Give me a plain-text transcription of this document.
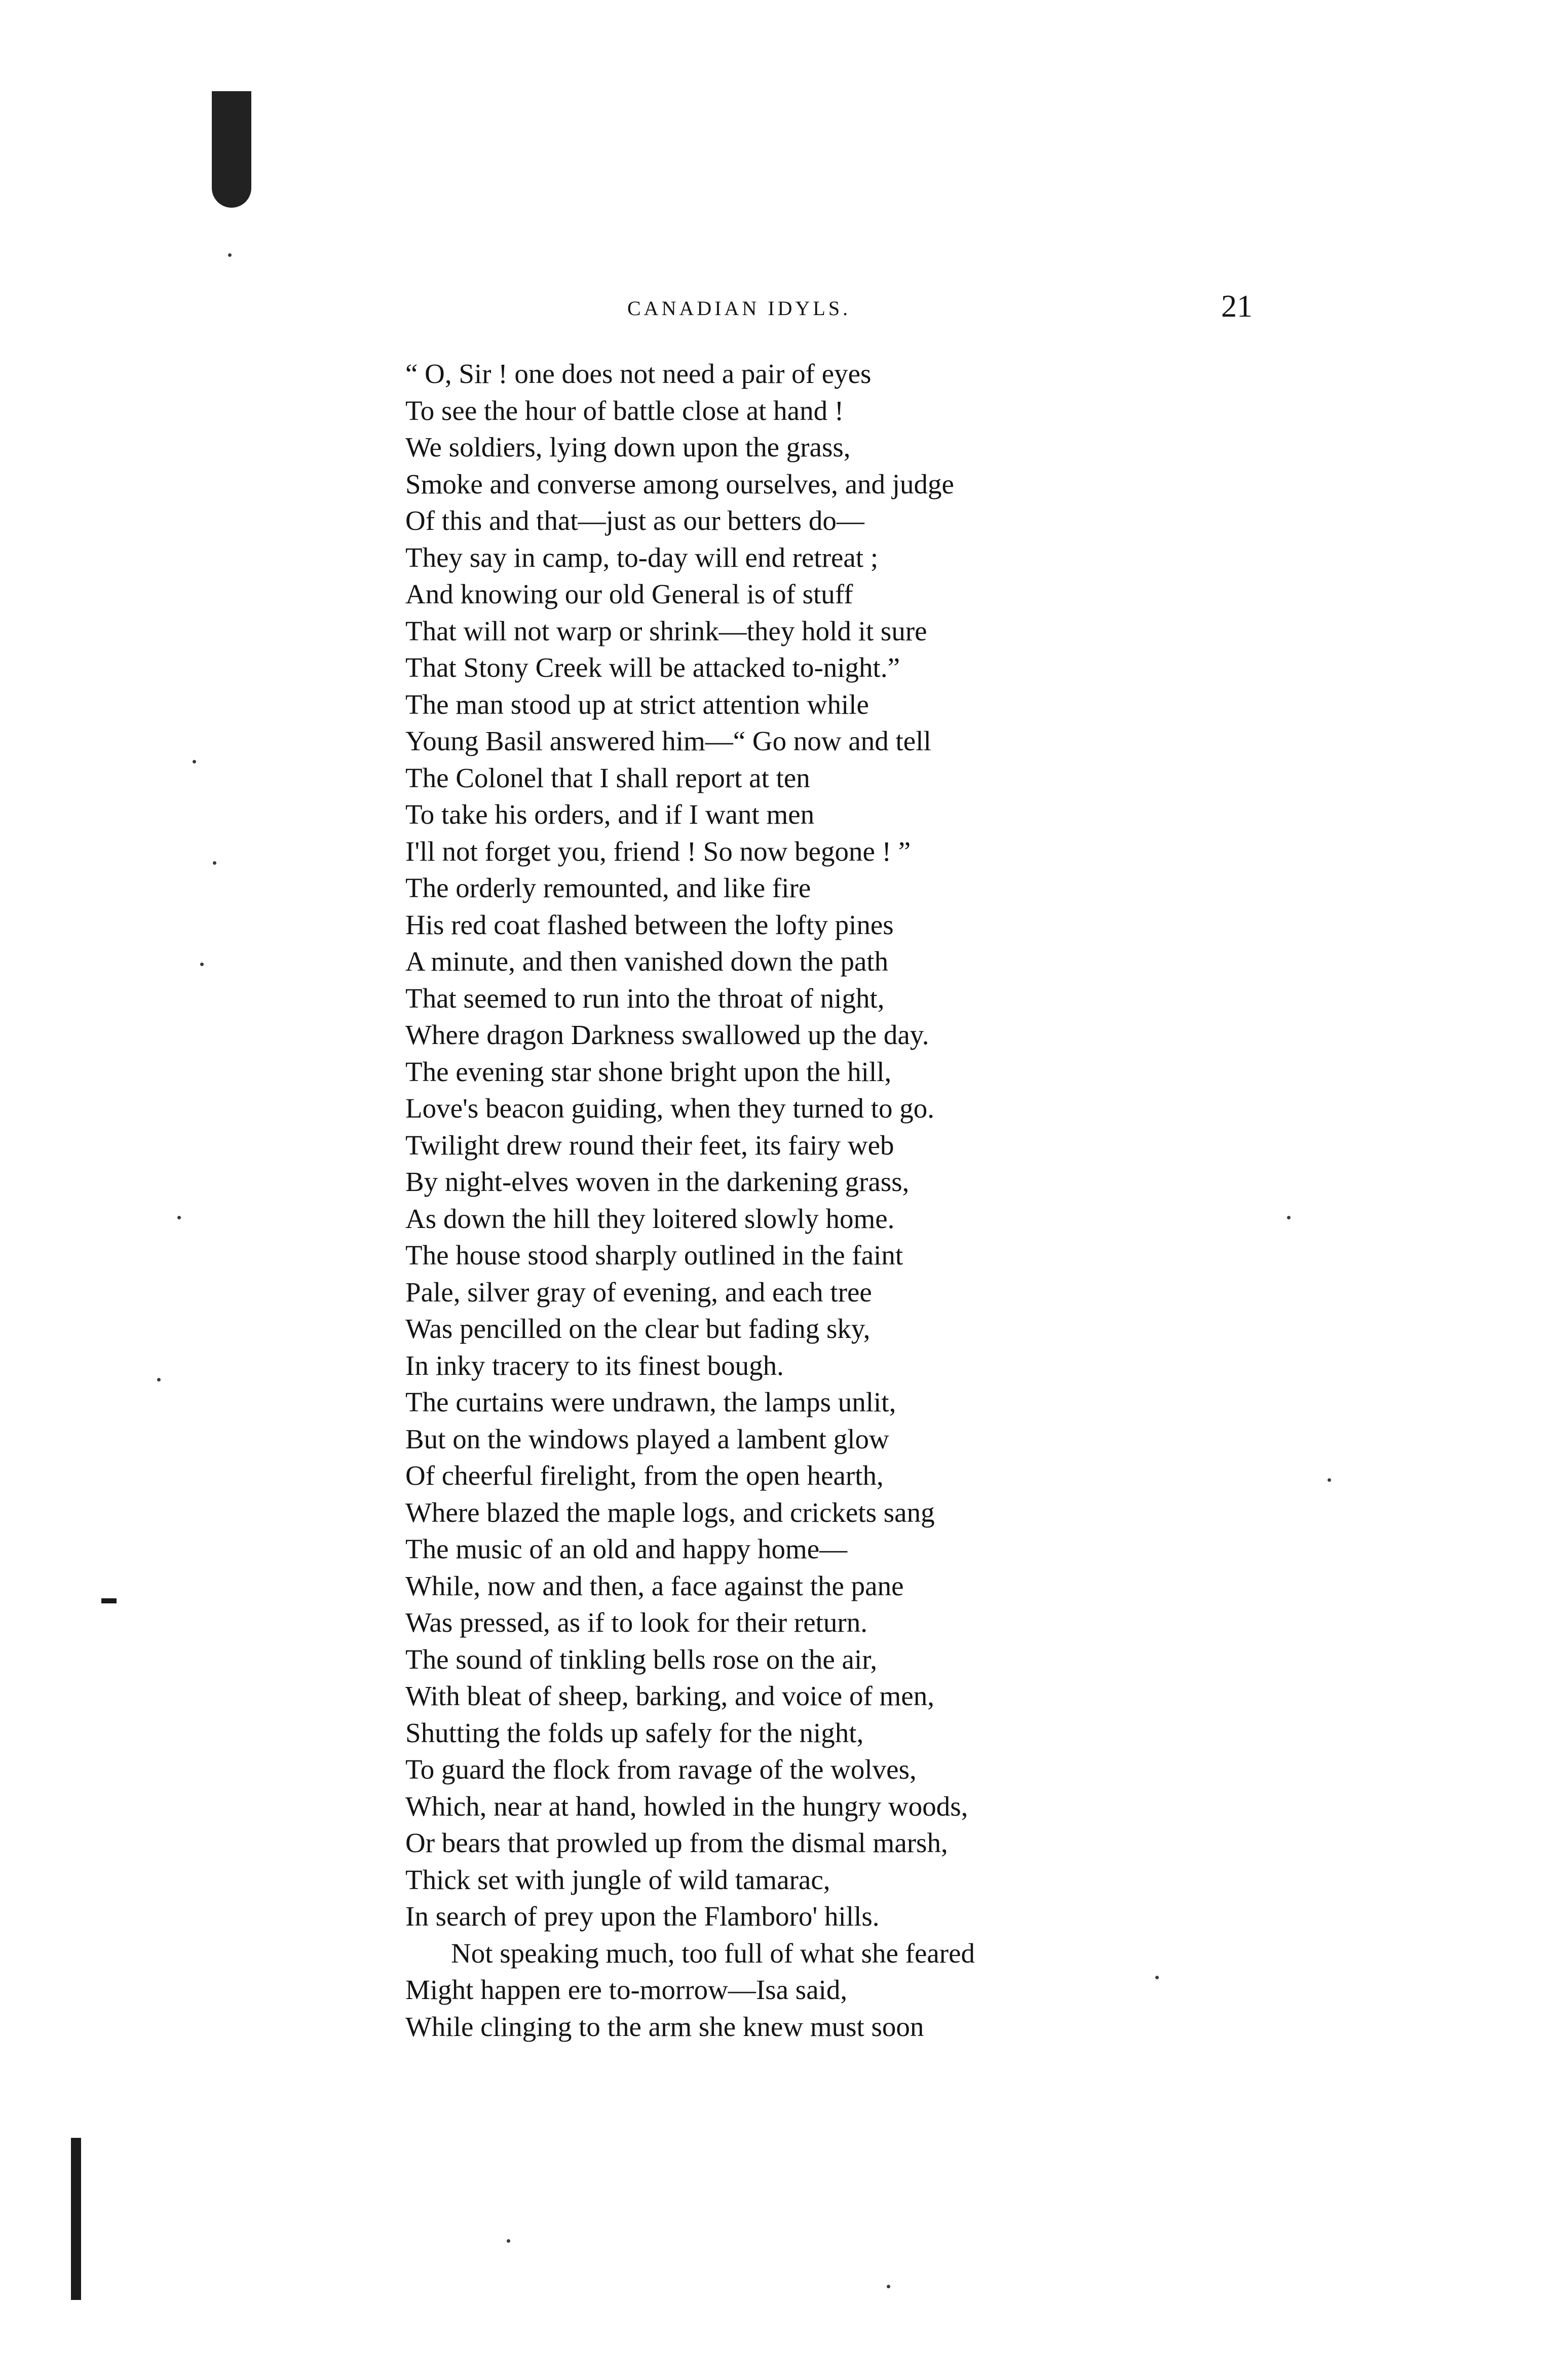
CANADIAN IDYLS.	21
“ O, Sir ! one does not need a pair of eyes
To see the hour of battle close at hand !
We soldiers, lying down upon the grass,
Smoke and converse among ourselves, and judge
Of this and that—just as our betters do—
They say in camp, to-day will end retreat ;
And knowing our old General is of stuff
That will not warp or shrink—they hold it sure
That Stony Creek will be attacked to-night.”
The man stood up at strict attention while
Young Basil answered him—“ Go now and tell
The Colonel that I shall report at ten
To take his orders, and if I want men
I'll not forget you, friend ! So now begone ! ”
The orderly remounted, and like fire
His red coat flashed between the lofty pines
A minute, and then vanished down the path
That seemed to run into the throat of night,
Where dragon Darkness swallowed up the day.
The evening star shone bright upon the hill,
Love's beacon guiding, when they turned to go.
Twilight drew round their feet, its fairy web
By night-elves woven in the darkening grass,
As down the hill they loitered slowly home.
The house stood sharply outlined in the faint
Pale, silver gray of evening, and each tree
Was pencilled on the clear but fading sky,
In inky tracery to its finest bough.
The curtains were undrawn, the lamps unlit,
But on the windows played a lambent glow
Of cheerful firelight, from the open hearth,
Where blazed the maple logs, and crickets sang
The music of an old and happy home—
While, now and then, a face against the pane
Was pressed, as if to look for their return.
The sound of tinkling bells rose on the air,
With bleat of sheep, barking, and voice of men,
Shutting the folds up safely for the night,
To guard the flock from ravage of the wolves,
Which, near at hand, howled in the hungry woods,
Or bears that prowled up from the dismal marsh,
Thick set with jungle of wild tamarac,
In search of prey upon the Flamboro' hills.
Not speaking much, too full of what she feared
Might happen ere to-morrow—Isa said,
While clinging to the arm she knew must soon
